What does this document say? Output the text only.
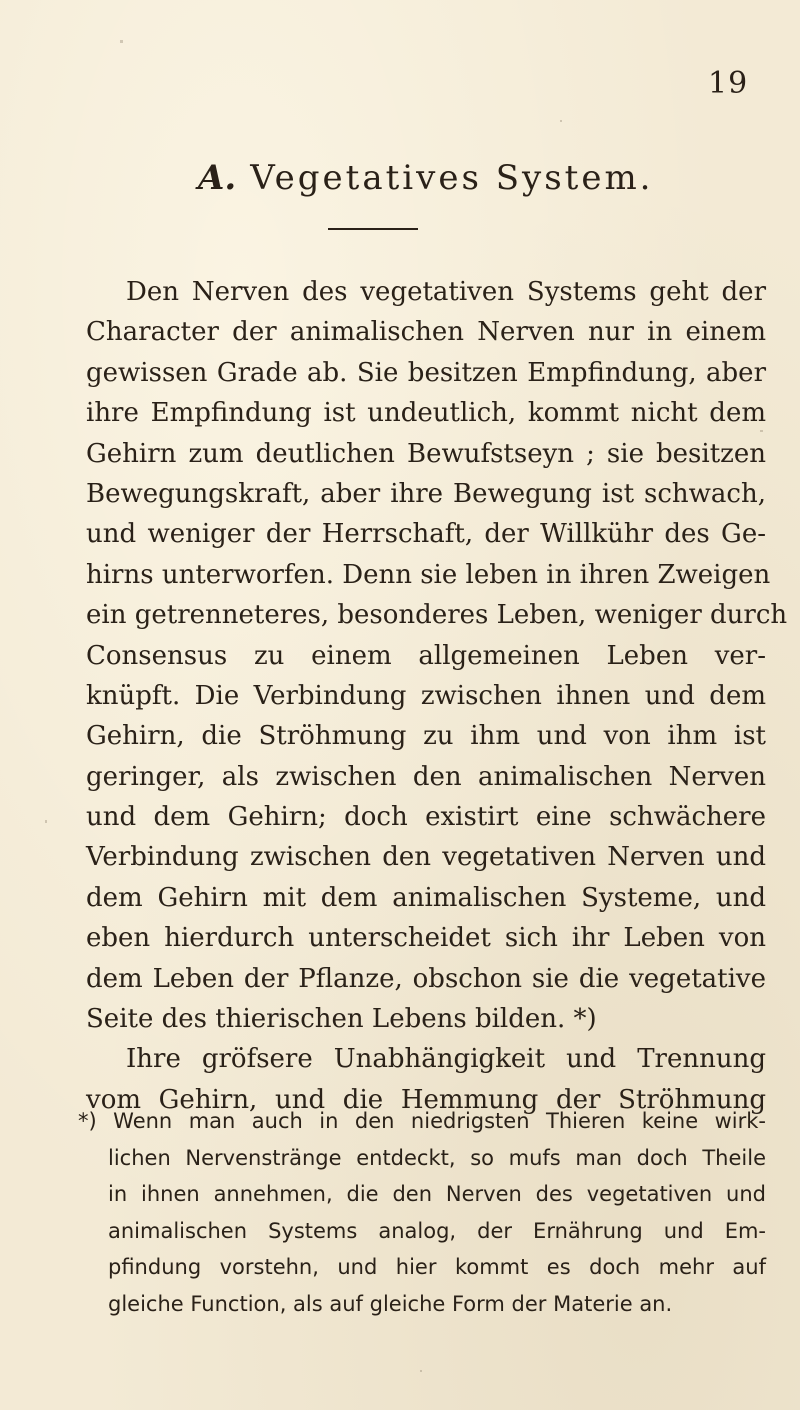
19
A. Vegetatives System.
Den Nerven des vegetativen Systems geht der
Character der animalischen Nerven nur in einem
gewissen Grade ab. Sie besitzen Empfindung, aber
ihre Empfindung ist undeutlich, kommt nicht dem
Gehirn zum deutlichen Bewufstseyn ; sie besitzen
Bewegungskraft, aber ihre Bewegung ist schwach,
und weniger der Herrschaft, der Willkühr des Ge-
hirns unterworfen. Denn sie leben in ihren Zweigen
ein getrenneteres, besonderes Leben, weniger durch
Consensus zu einem allgemeinen Leben ver-
knüpft. Die Verbindung zwischen ihnen und dem
Gehirn, die Ströhmung zu ihm und von ihm ist
geringer, als zwischen den animalischen Nerven
und dem Gehirn; doch existirt eine schwächere
Verbindung zwischen den vegetativen Nerven und
dem Gehirn mit dem animalischen Systeme, und
eben hierdurch unterscheidet sich ihr Leben von
dem Leben der Pflanze, obschon sie die vegetative
Seite des thierischen Lebens bilden. *)
Ihre gröfsere Unabhängigkeit und Trennung
vom Gehirn, und die Hemmung der Ströhmung
*) Wenn man auch in den niedrigsten Thieren keine wirk-
lichen Nervenstränge entdeckt, so mufs man doch Theile
in ihnen annehmen, die den Nerven des vegetativen und
animalischen Systems analog, der Ernährung und Em-
pfindung vorstehn, und hier kommt es doch mehr auf
gleiche Function, als auf gleiche Form der Materie an.
